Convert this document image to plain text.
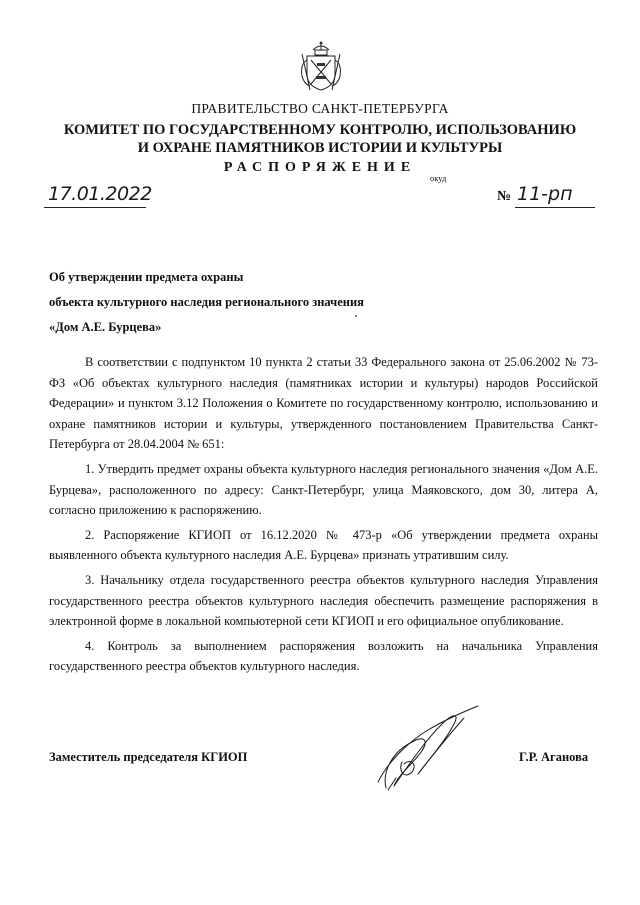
ПРАВИТЕЛЬСТВО САНКТ-ПЕТЕРБУРГА
КОМИТЕТ ПО ГОСУДАРСТВЕННОМУ КОНТРОЛЮ, ИСПОЛЬЗОВАНИЮ
И ОХРАНЕ ПАМЯТНИКОВ ИСТОРИИ И КУЛЬТУРЫ
РАСПОРЯЖЕНИЕ
окуд
17.01.2022	№ 11-рп
Об утверждении предмета охраны
объекта культурного наследия регионального значения
«Дом А.Е. Бурцева»

В соответствии с подпунктом 10 пункта 2 статьи 33 Федерального закона от 25.06.2002 № 73-ФЗ «Об объектах культурного наследия (памятниках истории и культуры) народов Российской Федерации» и пунктом 3.12 Положения о Комитете по государственному контролю, использованию и охране памятников истории и культуры, утвержденного постановлением Правительства Санкт-Петербурга от 28.04.2004 № 651:

1. Утвердить предмет охраны объекта культурного наследия регионального значения «Дом А.Е. Бурцева», расположенного по адресу: Санкт-Петербург, улица Маяковского, дом 30, литера А, согласно приложению к распоряжению.

2. Распоряжение КГИОП от 16.12.2020 № 473-р «Об утверждении предмета охраны выявленного объекта культурного наследия А.Е. Бурцева» признать утратившим силу.

3. Начальнику отдела государственного реестра объектов культурного наследия Управления государственного реестра объектов культурного наследия обеспечить размещение распоряжения в электронной форме в локальной компьютерной сети КГИОП и его официальное опубликование.

4. Контроль за выполнением распоряжения возложить на начальника Управления государственного реестра объектов культурного наследия.

Заместитель председателя КГИОП	Г.Р. Аганова
